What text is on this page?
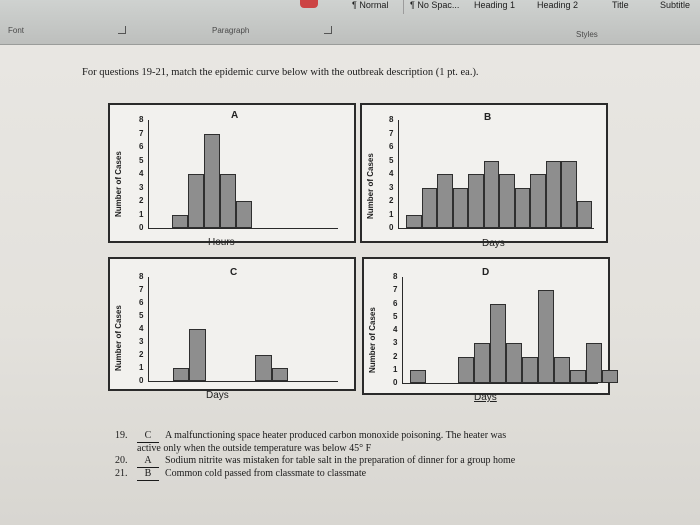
¶ Normal ¶ No Spac... Heading 1 Heading 2	Title	Subtitle
Font	Paragraph	Styles
For questions 19-21, match the epidemic curve below with the outbreak description (1 pt. ea.).
A
Number of Cases
Hours
0
1
2
3
4
5
6
7
8	B
Number of Cases
Days
0
1
2
3
4
5
6
7
8
C
Number of Cases
Days
0
1
2
3
4
5
6
7
8	D
Number of Cases
Days
0
1
2
3
4
5
6
7
8
19. C A malfunctioning space heater produced carbon monoxide poisoning. The heater was
active only when the outside temperature was below 45° F
20. A Sodium nitrite was mistaken for table salt in the preparation of dinner for a group home
21. B Common cold passed from classmate to classmate
